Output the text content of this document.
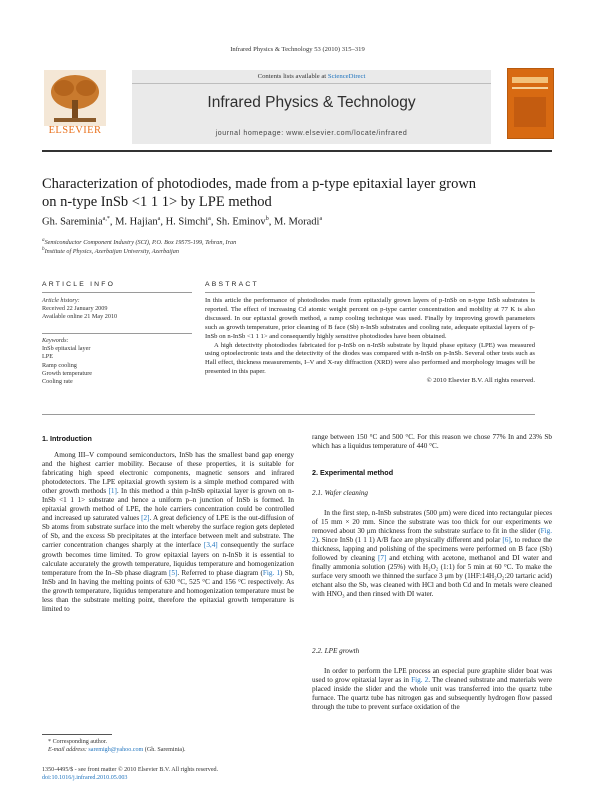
Infrared Physics & Technology 53 (2010) 315–319
ELSEVIER
Contents lists available at ScienceDirect
Infrared Physics & Technology
journal homepage: www.elsevier.com/locate/infrared
Characterization of photodiodes, made from a p-type epitaxial layer grown
on n-type InSb <1 1 1> by LPE method
Gh. Sareminia$^{a,*}$, M. Hajian$^a$, H. Simchi$^a$, Sh. Eminov$^b$, M. Moradi$^a$
$^a$Semiconductor Component Industry (SCI), P.O. Box 19575-199, Tehran, Iran
$^b$Institute of Physics, Azerbaijan University, Azerbaijan
ARTICLE INFO	ABSTRACT
Article history:
Received 22 January 2009
Available online 21 May 2010
Keywords:
InSb epitaxial layer
LPE
Ramp cooling
Growth temperature
Cooling rate

In this article the performance of photodiodes made from epitaxially grown layers of p-InSb on n-type InSb substrates is reported. The effect of increasing Cd atomic weight percent on p-type carrier concentration and mobility at 77 K is also discussed. In our epitaxial growth method, a ramp cooling technique was used. Finally by improving growth parameters such as growth temperature, prior cleaning of B face (Sb) n-InSb substrates and cooling rate, adequate epitaxial layers of p-InSb on n-InSb <1 1 1> and consequently highly sensitive photodiodes have been obtained.

A high detectivity photodiodes fabricated for p-InSb on n-InSb substrate by liquid phase epitaxy (LPE) was measured using optoelectronic tests and the detectivity of the diodes was compared with n-InSb on p-InSb. Several other tests such as Hall effect, thickness measurements, I–V and X-ray diffraction (XRD) were also performed and morphology images will be presented in this paper.

© 2010 Elsevier B.V. All rights reserved.

1. Introduction

Among III–V compound semiconductors, InSb has the smallest band gap energy and the highest carrier mobility. Because of these properties, it is suitable for fabricating high speed electronic components, magnetic sensors and infrared photodetectors. The LPE epitaxial growth system is a simple method compared with other growth methods [1]. In this method a thin p-InSb epitaxial layer is grown on n-InSb <1 1 1> substrate and hence a uniform p–n junction of InSb is formed. In epitaxial growth method of LPE, the hole carriers concentration could be controlled and increased up saturated values [2]. A great deficiency of LPE is the out-diffusion of Sb atoms from substrate surface into the melt whereby the surface region gets depleted of Sb, and the excess Sb precipitates at the interface between melt and substrate. The carrier concentration changes sharply at the interface [3,4] consequently the surface growth becomes time limited. To grow epitaxial layers on n-InSb it is essential to calculate accurately the growth temperature, liquidus temperature and homogenization temperature from the In–Sb phase diagram [5]. Referred to phase diagram (Fig. 1) Sb, InSb and In having the melting points of 630 °C, 525 °C and 156 °C respectively. As the growth temperature, liquidus temperature and homogenization temperature must be less than the substrate melting point, therefore the epitaxial growth temperature is limited to

* Corresponding author.
E-mail address: saremigh@yahoo.com (Gh. Sareminia).
1350-4495/$ - see front matter © 2010 Elsevier B.V. All rights reserved.
doi:10.1016/j.infrared.2010.05.003

range between 150 °C and 500 °C. For this reason we chose 77% In and 23% Sb which has a liquidus temperature of 440 °C.

2. Experimental method
2.1. Wafer cleaning

In the first step, n-InSb substrates (500 μm) were diced into rectangular pieces of 15 mm × 20 mm. Since the substrate was too thick for our experiments we removed about 30 μm thickness from the substrate surface to fit in the slider (Fig. 2). Since InSb (1 1 1) A/B face are physically different and polar [6], to reduce the thickness, lapping and polishing of the specimens were performed on B face (Sb) followed by cleaning [7] and etching with acetone, methanol and DI water and finally ammonia solution (25%) with H₂O₂ (1:1) for 5 min at 60 °C. To make the surface very smooth we thinned the surface 3 μm by (1HF:14H₂O₂:20 tartaric acid) etchant also the Sb, was cleaned with HCl and both Cd and In metals were cleaned with HNO₃ and then rinsed with DI water.

2.2. LPE growth

In order to perform the LPE process an especial pure graphite slider boat was used to grow epitaxial layer as in Fig. 2. The cleaned substrate and materials were placed inside the slider and the whole unit was transferred into the quartz tube furnace. The quartz tube has nitrogen gas and subsequently hydrogen flow passed through the tube to prevent surface oxidation of the
